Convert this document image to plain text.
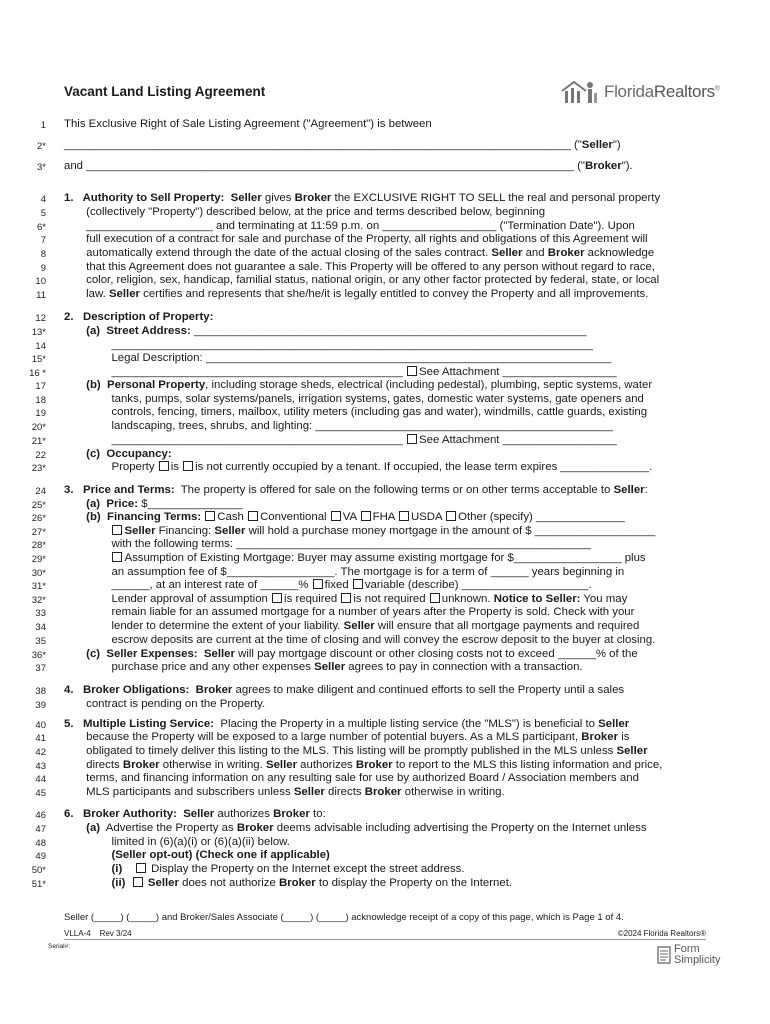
Vacant Land Listing Agreement	FloridaRealtors®
1 This Exclusive Right of Sale Listing Agreement ("Agreement") is between
2* ________________________________________________________________________________ ("Seller")
3* and _____________________________________________________________________________ ("Broker").
4 1.   Authority to Sell Property:  Seller gives Broker the EXCLUSIVE RIGHT TO SELL the real and personal property
5 (collectively "Property") described below, at the price and terms described below, beginning
6* ____________________ and terminating at 11:59 p.m. on __________________ ("Termination Date"). Upon
7 full execution of a contract for sale and purchase of the Property, all rights and obligations of this Agreement will
8 automatically extend through the date of the actual closing of the sales contract. Seller and Broker acknowledge
9 that this Agreement does not guarantee a sale. This Property will be offered to any person without regard to race,
10 color, religion, sex, handicap, familial status, national origin, or any other factor protected by federal, state, or local
11 law. Seller certifies and represents that she/he/it is legally entitled to convey the Property and all improvements.
12 2.   Description of Property:
13*	(a)  Street Address: ______________________________________________________________
14 ____________________________________________________________________________
15* Legal Description: ________________________________________________________________
16 * ______________________________________________ See Attachment __________________
17	(b)  Personal Property, including storage sheds, electrical (including pedestal), plumbing, septic systems, water
18 tanks, pumps, solar systems/panels, irrigation systems, gates, domestic water systems, gate openers and
19 controls, fencing, timers, mailbox, utility meters (including gas and water), windmills, cattle guards, existing
20* landscaping, trees, shrubs, and lighting: _______________________________________________
21* ______________________________________________ See Attachment __________________
22	(c)  Occupancy:
23* Property is is not currently occupied by a tenant. If occupied, the lease term expires ______________.
24 3.   Price and Terms:  The property is offered for sale on the following terms or on other terms acceptable to Seller:
25*	(a)  Price: $_______________
26*	(b)  Financing Terms: Cash Conventional VA FHA USDA Other (specify) ______________
27*	Seller Financing: Seller will hold a purchase money mortgage in the amount of $ ___________________
28* with the following terms: ________________________________________________________
29*	Assumption of Existing Mortgage: Buyer may assume existing mortgage for $_________________ plus
30* an assumption fee of $_________________. The mortgage is for a term of ______ years beginning in
31* ______, at an interest rate of ______% fixed variable (describe) ____________________.
32* Lender approval of assumption is required is not required unknown. Notice to Seller: You may
33 remain liable for an assumed mortgage for a number of years after the Property is sold. Check with your
34 lender to determine the extent of your liability. Seller will ensure that all mortgage payments and required
35 escrow deposits are current at the time of closing and will convey the escrow deposit to the buyer at closing.
36*	(c)  Seller Expenses:  Seller will pay mortgage discount or other closing costs not to exceed ______% of the
37 purchase price and any other expenses Seller agrees to pay in connection with a transaction.
38 4.   Broker Obligations:  Broker agrees to make diligent and continued efforts to sell the Property until a sales
39 contract is pending on the Property.
40 5.   Multiple Listing Service:  Placing the Property in a multiple listing service (the "MLS") is beneficial to Seller
41 because the Property will be exposed to a large number of potential buyers. As a MLS participant, Broker is
42 obligated to timely deliver this listing to the MLS. This listing will be promptly published in the MLS unless Seller
43 directs Broker otherwise in writing. Seller authorizes Broker to report to the MLS this listing information and price,
44 terms, and financing information on any resulting sale for use by authorized Board / Association members and
45 MLS participants and subscribers unless Seller directs Broker otherwise in writing.
46 6.   Broker Authority:  Seller authorizes Broker to:
47	(a)  Advertise the Property as Broker deems advisable including advertising the Property on the Internet unless
48 limited in (6)(a)(i) or (6)(a)(ii) below.
49	(Seller opt-out) (Check one if applicable)
50*	(i)     Display the Property on the Internet except the street address.
51*	(ii) Seller does not authorize Broker to display the Property on the Internet.
Seller (_____) (_____) and Broker/Sales Associate (_____) (_____) acknowledge receipt of a copy of this page, which is Page 1 of 4.
VLLA-4    Rev 3/24	©2024 Florida Realtors®
Serial#:	Form
Simplicity
